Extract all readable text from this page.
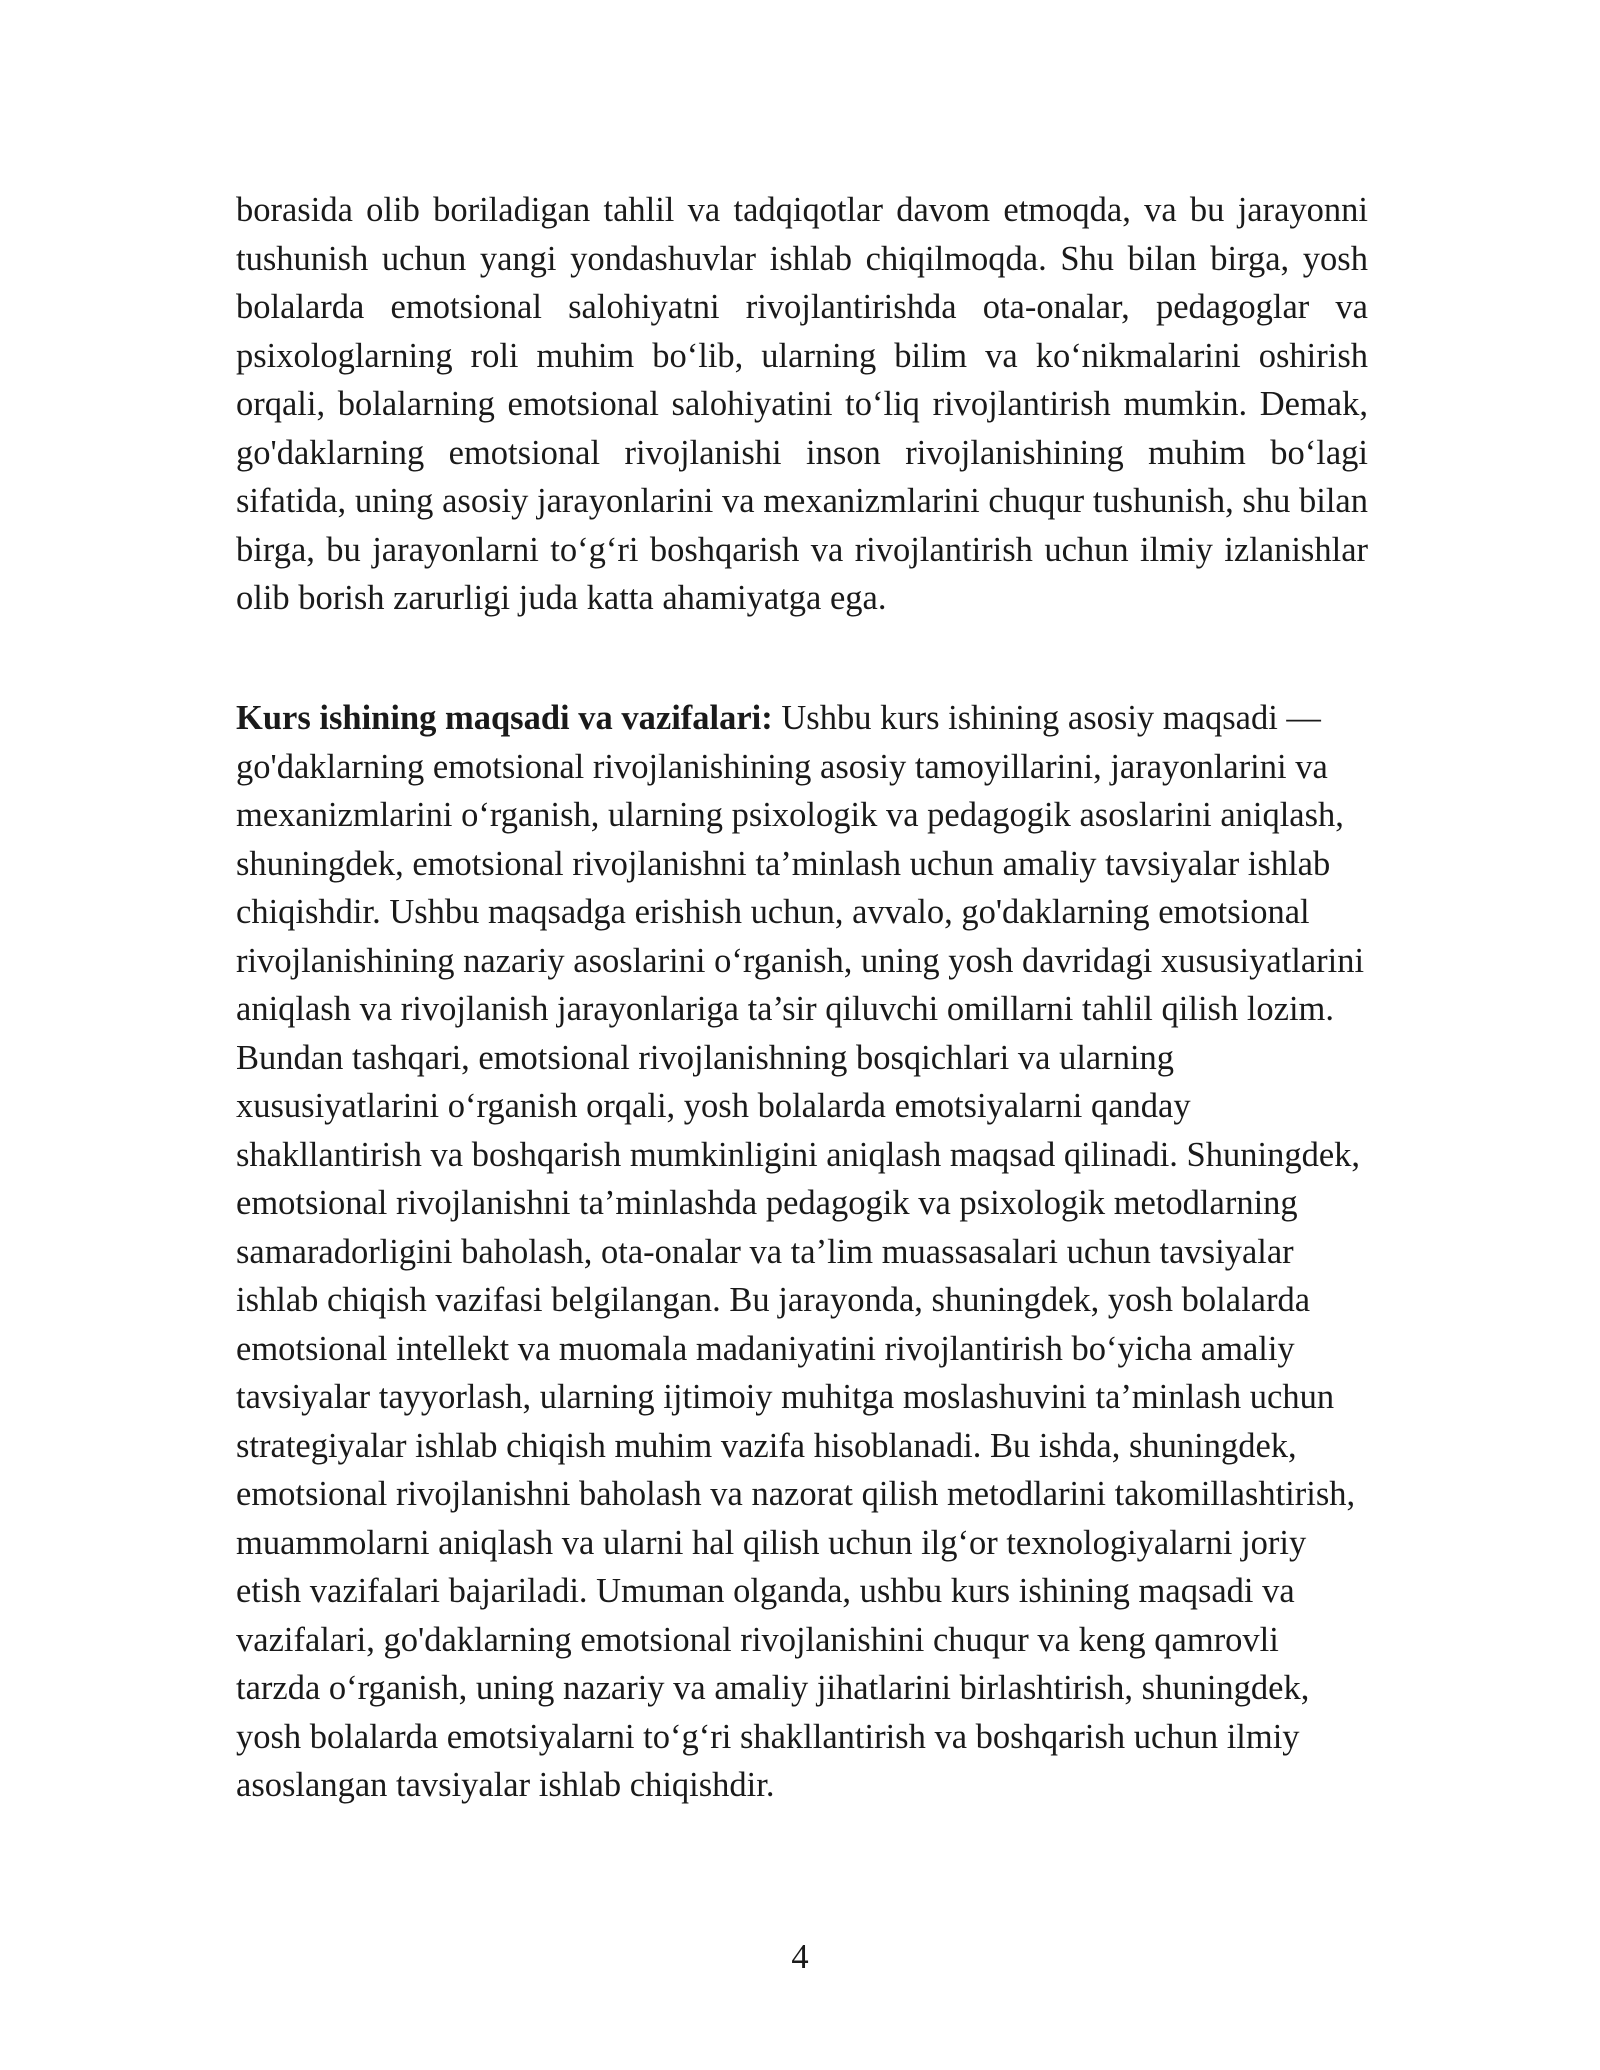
borasida olib boriladigan tahlil va tadqiqotlar davom etmoqda, va bu jarayonni tushunish uchun yangi yondashuvlar ishlab chiqilmoqda. Shu bilan birga, yosh bolalarda emotsional salohiyatni rivojlantirishda ota-onalar, pedagoglar va psixologlarning roli muhim bo‘lib, ularning bilim va ko‘nikmalarini oshirish orqali, bolalarning emotsional salohiyatini to‘liq rivojlantirish mumkin. Demak, go'daklarning emotsional rivojlanishi inson rivojlanishining muhim bo‘lagi sifatida, uning asosiy jarayonlarini va mexanizmlarini chuqur tushunish, shu bilan birga, bu jarayonlarni to‘g‘ri boshqarish va rivojlantirish uchun ilmiy izlanishlar olib borish zarurligi juda katta ahamiyatga ega.
Kurs ishining maqsadi va vazifalari: Ushbu kurs ishining asosiy maqsadi — go'daklarning emotsional rivojlanishining asosiy tamoyillarini, jarayonlarini va mexanizmlarini o‘rganish, ularning psixologik va pedagogik asoslarini aniqlash, shuningdek, emotsional rivojlanishni ta’minlash uchun amaliy tavsiyalar ishlab chiqishdir. Ushbu maqsadga erishish uchun, avvalo, go'daklarning emotsional rivojlanishining nazariy asoslarini o‘rganish, uning yosh davridagi xususiyatlarini aniqlash va rivojlanish jarayonlariga ta’sir qiluvchi omillarni tahlil qilish lozim. Bundan tashqari, emotsional rivojlanishning bosqichlari va ularning xususiyatlarini o‘rganish orqali, yosh bolalarda emotsiyalarni qanday shakllantirish va boshqarish mumkinligini aniqlash maqsad qilinadi. Shuningdek, emotsional rivojlanishni ta’minlashda pedagogik va psixologik metodlarning samaradorligini baholash, ota-onalar va ta’lim muassasalari uchun tavsiyalar ishlab chiqish vazifasi belgilangan. Bu jarayonda, shuningdek, yosh bolalarda emotsional intellekt va muomala madaniyatini rivojlantirish bo‘yicha amaliy tavsiyalar tayyorlash, ularning ijtimoiy muhitga moslashuvini ta’minlash uchun strategiyalar ishlab chiqish muhim vazifa hisoblanadi. Bu ishda, shuningdek, emotsional rivojlanishni baholash va nazorat qilish metodlarini takomillashtirish, muammolarni aniqlash va ularni hal qilish uchun ilg‘or texnologiyalarni joriy etish vazifalari bajariladi. Umuman olganda, ushbu kurs ishining maqsadi va vazifalari, go'daklarning emotsional rivojlanishini chuqur va keng qamrovli tarzda o‘rganish, uning nazariy va amaliy jihatlarini birlashtirish, shuningdek, yosh bolalarda emotsiyalarni to‘g‘ri shakllantirish va boshqarish uchun ilmiy asoslangan tavsiyalar ishlab chiqishdir.
4
